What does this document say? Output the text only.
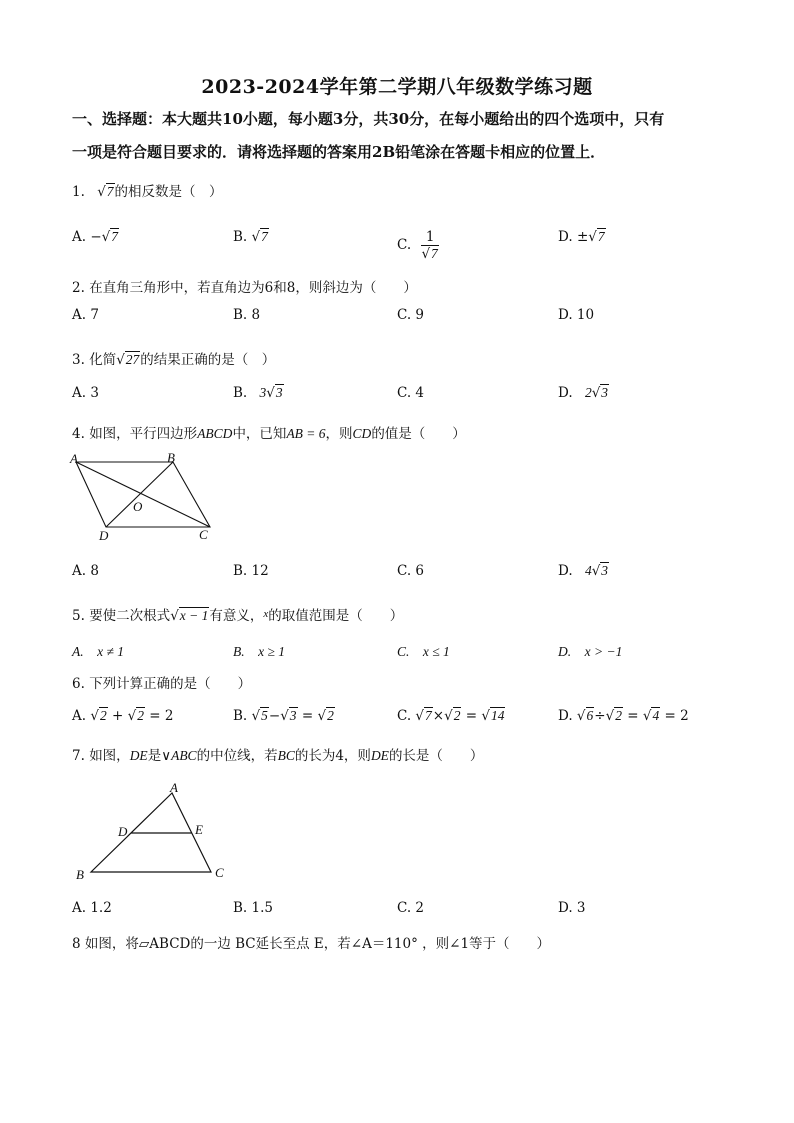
2023-2024学年第二学期八年级数学练习题
一、选择题：本大题共10小题，每小题3分，共30分，在每小题给出的四个选项中，只有
一项是符合题目要求的．请将选择题的答案用2B铅笔涂在答题卡相应的位置上．
1. √7的相反数是（　）
A. −√7	B. √7
C. $\frac{1}{√7}$	D. ±√7
2. 在直角三角形中，若直角边为6和8，则斜边为（　　）
A. 7	B. 8	C. 9	D. 10
3. 化简√27的结果正确的是（　）
A. 3	B. 3√3	C. 4	D. 2√3
4. 如图，平行四边形ABCD中，已知AB = 6，则CD的值是（　　）
A	B
C
D
O
A. 8	B. 12	C. 6	D. 4√3
5. 要使二次根式√x − 1有意义，$^x$的取值范围是（　　）
A.　x ≠ 1	B.　x ≥ 1	C.　x ≤ 1	D.　x > −1
6. 下列计算正确的是（　　）
A. √2 + √2 = 2	B. √5−√3 = √2	C. √7×√2 = √14	D. √6÷√2 = √4 = 2
7. 如图，DE是∨ABC的中位线，若BC的长为4，则DE的长是（　　）
A
B	C
D	E
A. 1.2	B. 1.5	C. 2	D. 3
8 如图，将▱ABCD的一边 BC延长至点 E，若∠A＝110° ，则∠1等于（　　）
